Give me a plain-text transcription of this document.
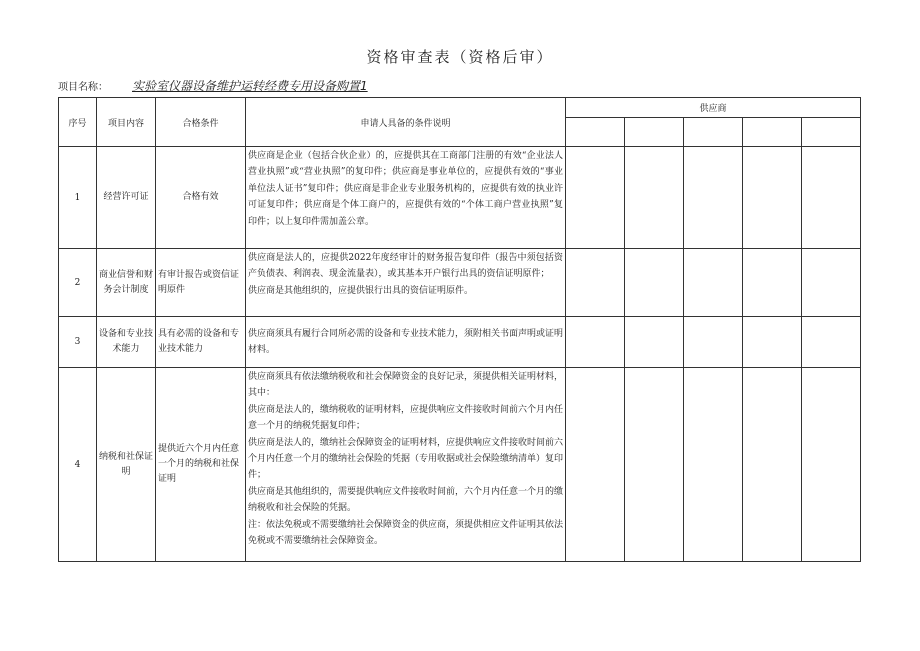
资格审查表（资格后审）
项目名称： 实验室仪器设备维护运转经费专用设备购置1
序号	项目内容	合格条件	申请人具备的条件说明	供应商				

1	经营许可证	合格有效	供应商是企业（包括合伙企业）的，应提供其在工商部门注册的有效“企业法人营业执照”或“营业执照”的复印件；供应商是事业单位的，应提供有效的“事业单位法人证书”复印件；供应商是非企业专业服务机构的，应提供有效的执业许可证复印件；供应商是个体工商户的，应提供有效的“个体工商户营业执照”复印件；以上复印件需加盖公章。					

2	商业信誉和财务会计制度	有审计报告或资信证明原件	供应商是法人的，应提供2022年度经审计的财务报告复印件（报告中须包括资产负债表、利润表、现金流量表），或其基本开户银行出具的资信证明原件；
供应商是其他组织的，应提供银行出具的资信证明原件。					

3	设备和专业技术能力	具有必需的设备和专业技术能力	供应商须具有履行合同所必需的设备和专业技术能力，须附相关书面声明或证明材料。					

4	纳税和社保证明	提供近六个月内任意一个月的纳税和社保证明	供应商须具有依法缴纳税收和社会保障资金的良好记录，须提供相关证明材料，其中：
供应商是法人的，缴纳税收的证明材料，应提供响应文件接收时间前六个月内任意一个月的纳税凭据复印件；
供应商是法人的，缴纳社会保障资金的证明材料，应提供响应文件接收时间前六个月内任意一个月的缴纳社会保险的凭据（专用收据或社会保险缴纳清单）复印件；
供应商是其他组织的，需要提供响应文件接收时间前，六个月内任意一个月的缴纳税收和社会保险的凭据。
注：依法免税或不需要缴纳社会保障资金的供应商，须提供相应文件证明其依法免税或不需要缴纳社会保障资金。					
